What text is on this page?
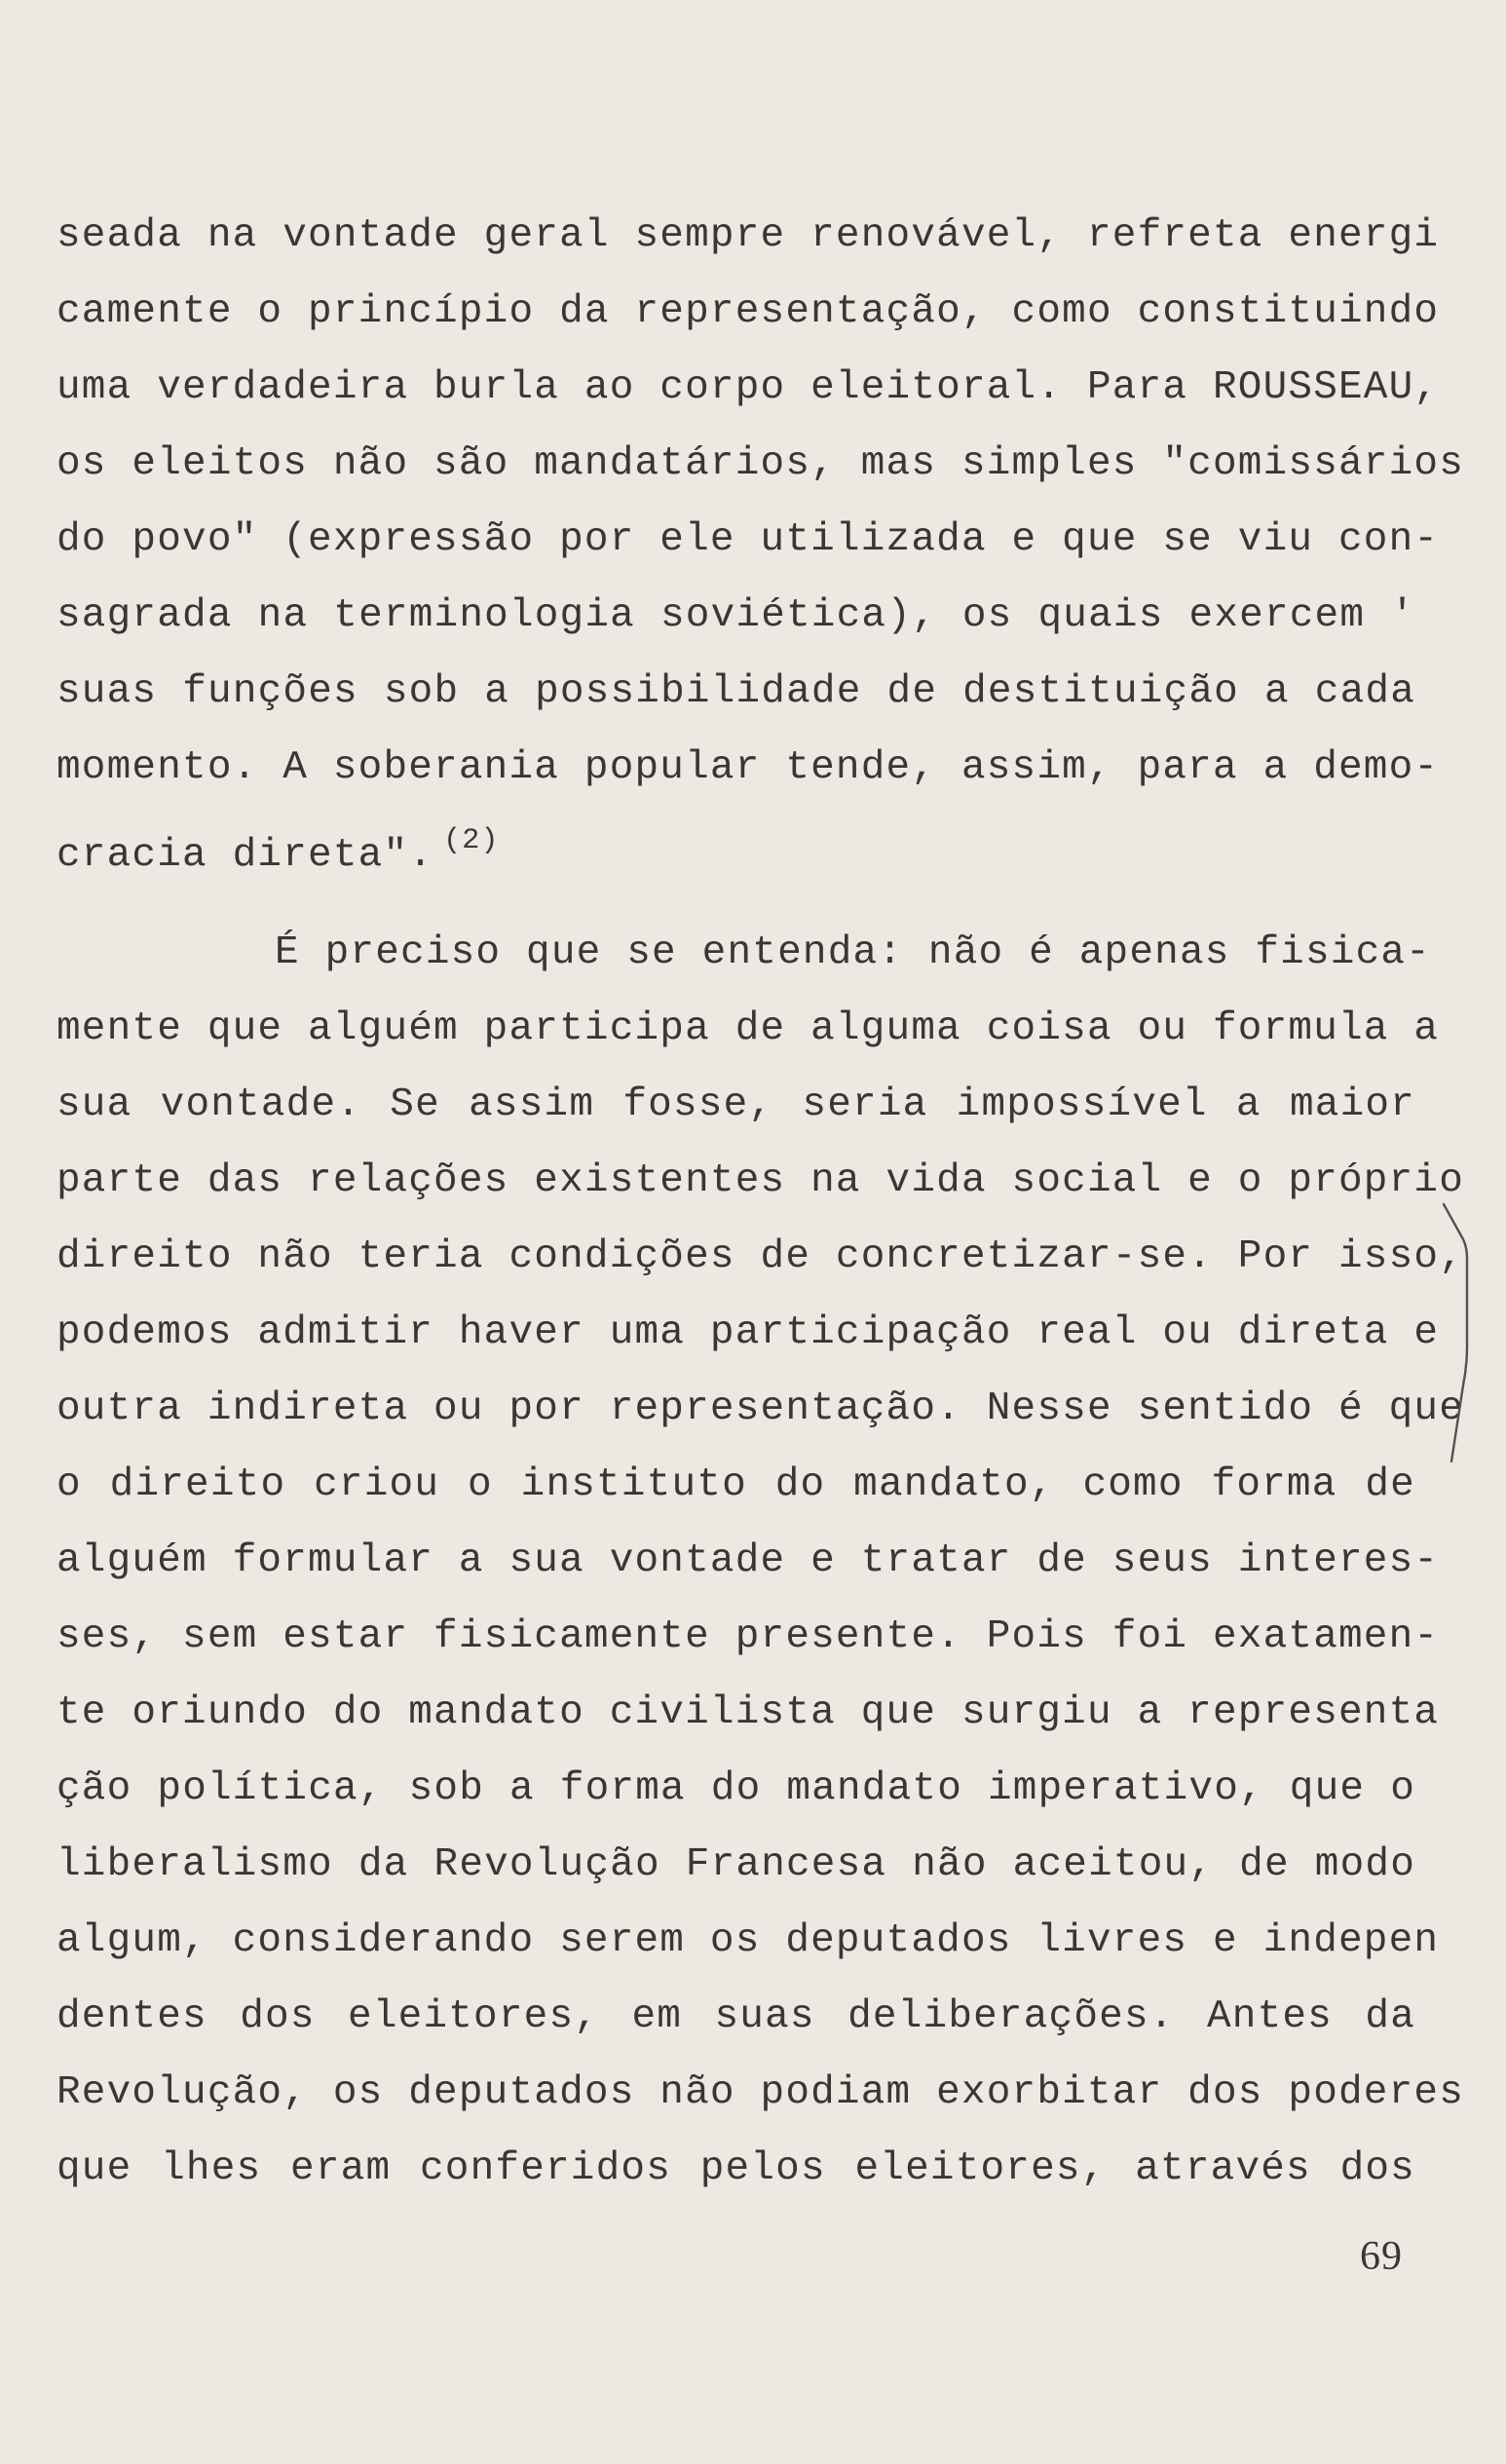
seada na vontade geral sempre renovável, refreta energi
camente o princípio da representação, como constituindo
uma verdadeira burla ao corpo eleitoral. Para ROUSSEAU,
os eleitos não são mandatários, mas simples "comissários
do povo" (expressão por ele utilizada e que se viu con-
sagrada na terminologia soviética), os quais exercem '
suas funções sob a possibilidade de destituição a cada
momento. A soberania popular tende, assim, para a demo-
cracia direta". $^{(2)}$
É preciso que se entenda: não é apenas fisica-
mente que alguém participa de alguma coisa ou formula a
sua vontade. Se assim fosse, seria impossível a maior
parte das relações existentes na vida social e o próprio
direito não teria condições de concretizar-se. Por isso,
podemos admitir haver uma participação real ou direta e
outra indireta ou por representação. Nesse sentido é que
o direito criou o instituto do mandato, como forma de
alguém formular a sua vontade e tratar de seus interes-
ses, sem estar fisicamente presente. Pois foi exatamen-
te oriundo do mandato civilista que surgiu a representa
ção política, sob a forma do mandato imperativo, que o
liberalismo da Revolução Francesa não aceitou, de modo
algum, considerando serem os deputados livres e indepen
dentes dos eleitores, em suas deliberações. Antes da
Revolução, os deputados não podiam exorbitar dos poderes
que lhes eram conferidos pelos eleitores, através dos
69
